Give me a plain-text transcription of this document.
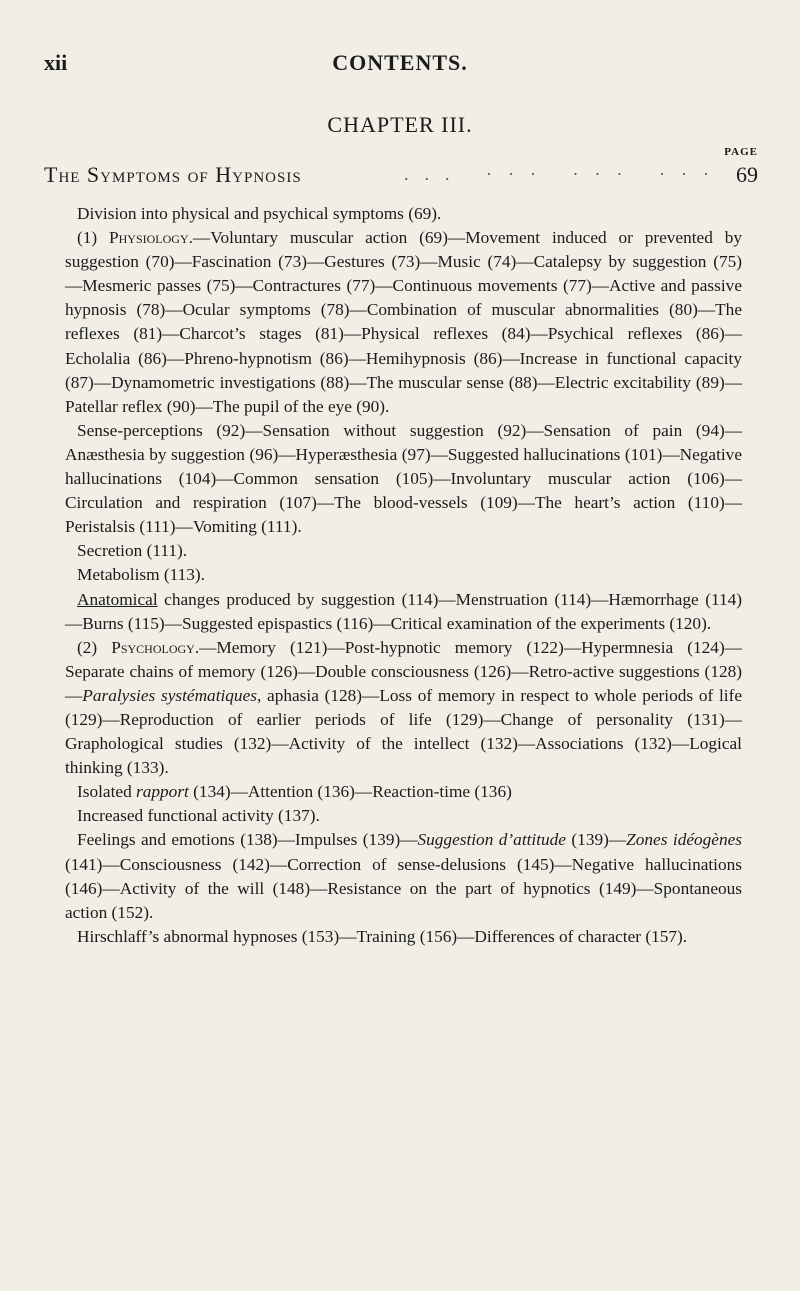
xii	CONTENTS.
CHAPTER III.
PAGE
The Symptoms of Hypnosis	... ··· ··· ··· 69

Division into physical and psychical symptoms (69).

(1) Physiology.—Voluntary muscular action (69)—Movement induced or prevented by suggestion (70)—Fascination (73)—Gestures (73)—Music (74)—Catalepsy by suggestion (75)—Mesmeric passes (75)—Contractures (77)—Continuous movements (77)—Active and passive hypnosis (78)—Ocular symptoms (78)—Combination of muscular abnormalities (80)—The reflexes (81)—Charcot’s stages (81)—Physical reflexes (84)—Psychical reflexes (86)—Echolalia (86)—Phreno-hypnotism (86)—Hemihypnosis (86)—Increase in functional capacity (87)—Dynamometric investigations (88)—The muscular sense (88)—Electric excitability (89)—Patellar reflex (90)—The pupil of the eye (90).

Sense-perceptions (92)—Sensation without suggestion (92)—Sensation of pain (94)—Anæsthesia by suggestion (96)—Hyperæsthesia (97)—Suggested hallucinations (101)—Negative hallucinations (104)—Common sensation (105)—Involuntary muscular action (106)—Circulation and respiration (107)—The blood-vessels (109)—The heart’s action (110)—Peristalsis (111)—Vomiting (111).

Secretion (111).

Metabolism (113).

Anatomical changes produced by suggestion (114)—Menstruation (114)—Hæmorrhage (114)—Burns (115)—Suggested epispastics (116)—Critical examination of the experiments (120).

(2) Psychology.—Memory (121)—Post-hypnotic memory (122)—Hypermnesia (124)—Separate chains of memory (126)—Double consciousness (126)—Retro-active suggestions (128)—Paralysies systématiques, aphasia (128)—Loss of memory in respect to whole periods of life (129)—Reproduction of earlier periods of life (129)—Change of personality (131)—Graphological studies (132)—Activity of the intellect (132)—Associations (132)—Logical thinking (133).

Isolated rapport (134)—Attention (136)—Reaction-time (136)

Increased functional activity (137).

Feelings and emotions (138)—Impulses (139)—Suggestion d’attitude (139)—Zones idéogènes (141)—Consciousness (142)—Correction of sense-delusions (145)—Negative hallucinations (146)—Activity of the will (148)—Resistance on the part of hypnotics (149)—Spontaneous action (152).

Hirschlaff’s abnormal hypnoses (153)—Training (156)—Differences of character (157).
